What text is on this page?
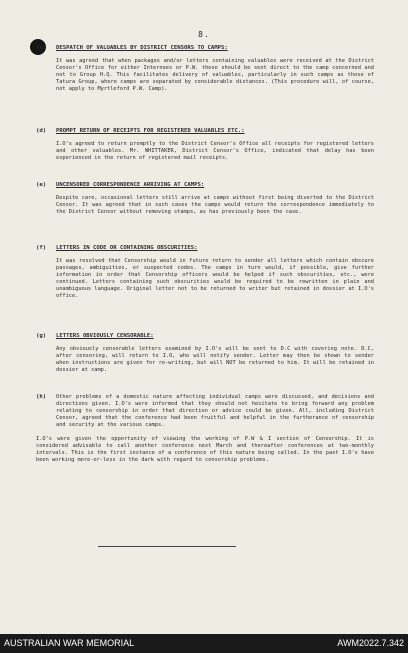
8.
(c) DESPATCH OF VALUABLES BY DISTRICT CENSORS TO CAMPS:

It was agreed that when packages and/or letters containing valuables were received at the District Censor's Office for either Internees or P.W. these should be sent direct to the camp concerned and not to Group H.Q. This facilitates delivery of valuables, particularly in such camps as those of Tatura Group, where camps are separated by considerable distances. (This procedure will, of course, not apply to Myrtleford P.W. Camp).

(d) PROMPT RETURN OF RECEIPTS FOR REGISTERED VALUABLES ETC.:

I.O's agreed to return promptly to the District Censor's Office all receipts for registered letters and other valuables. Mr. WHITTAKER, District Censor's Office, indicated that delay has been experienced in the return of registered mail receipts.

(e) UNCENSORED CORRESPONDENCE ARRIVING AT CAMPS:

Despite care, occasional letters still arrive at camps without first being diverted to the District Censor. It was agreed that in such cases the camps would return the correspondence immediately to the District Censor without removing stamps, as has previously been the case.

(f) LETTERS IN CODE OR CONTAINING OBSCURITIES:

It was resolved that Censorship would in future return to sender all letters which contain obscure passages, ambiguities, or suspected codes. The camps in turn would, if possible, give further information in order that Censorship officers would be helped if such obscurities, etc., were continued. Letters containing such obscurities would be required to be rewritten in plain and unambiguous language. Original letter not to be returned to writer but retained in dossier at I.O's office.

(g) LETTERS OBVIOUSLY CENSORABLE:

Any obviously censorable letters examined by I.O's will be sent to D.C with covering note. D.C, after censoring, will return to I.O, who will notify sender. Letter may then be shown to sender when instructions are given for re-writing, but will NOT be returned to him. It will be retained in dossier at camp.

(h)	Other problems of a domestic nature affecting individual camps were discussed, and decisions and directions given. I.O's were informed that they should not hesitate to bring forward any problem relating to censorship in order that direction or advice could be given. All, including District Censor, agreed that the conference had been fruitful and helpful in the furtherance of censorship and security at the various camps.

I.O's were given the opportunity of viewing the working of P.W & I section of Censorship. It is considered advisable to call another conference next March and thereafter conferences at two-monthly intervals. This is the first instance of a conference of this nature being called. In the past I.O's have been working more-or-less in the dark with regard to censorship problems.

AUSTRALIAN WAR MEMORIAL	AWM2022.7.342
